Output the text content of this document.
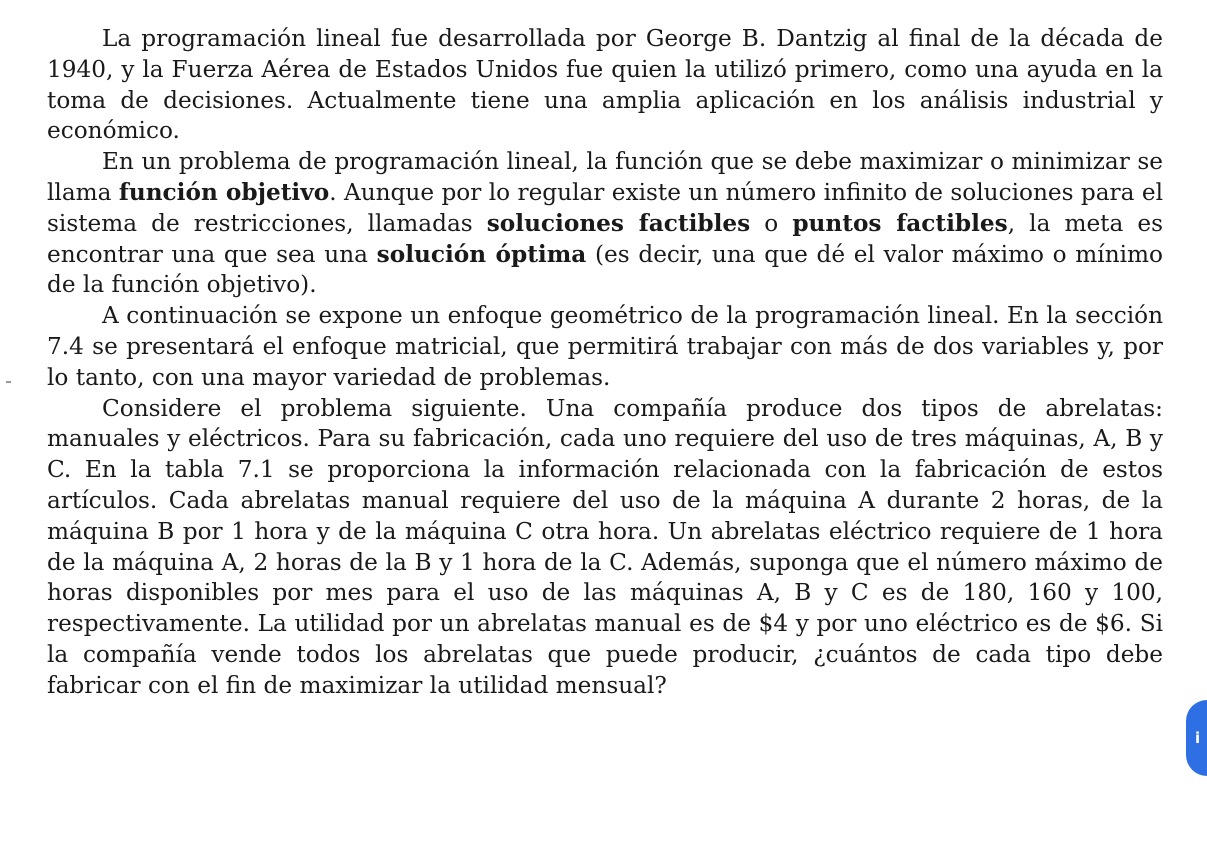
La programación lineal fue desarrollada por George B. Dantzig al final de la década de 1940, y la Fuerza Aérea de Estados Unidos fue quien la utilizó primero, como una ayuda en la toma de decisiones. Actualmente tiene una amplia aplicación en los análisis industrial y económico.

En un problema de programación lineal, la función que se debe maximizar o minimizar se llama función objetivo. Aunque por lo regular existe un número infinito de soluciones para el sistema de restricciones, llamadas soluciones factibles o puntos factibles, la meta es encontrar una que sea una solución óptima (es decir, una que dé el valor máximo o mínimo de la función objetivo).

A continuación se expone un enfoque geométrico de la programación lineal. En la sección 7.4 se presentará el enfoque matricial, que permitirá trabajar con más de dos variables y, por lo tanto, con una mayor variedad de problemas.

Considere el problema siguiente. Una compañía produce dos tipos de abrelatas: manuales y eléctricos. Para su fabricación, cada uno requiere del uso de tres máquinas, A, B y C. En la tabla 7.1 se proporciona la información relacionada con la fabricación de estos artículos. Cada abrelatas manual requiere del uso de la máquina A durante 2 horas, de la máquina B por 1 hora y de la máquina C otra hora. Un abrelatas eléctrico requiere de 1 hora de la máquina A, 2 horas de la B y 1 hora de la C. Además, suponga que el número máximo de horas disponibles por mes para el uso de las máquinas A, B y C es de 180, 160 y 100, respectivamente. La utilidad por un abrelatas manual es de $4 y por uno eléctrico es de $6. Si la compañía vende todos los abrelatas que puede producir, ¿cuántos de cada tipo debe fabricar con el fin de maximizar la utilidad mensual?

i
